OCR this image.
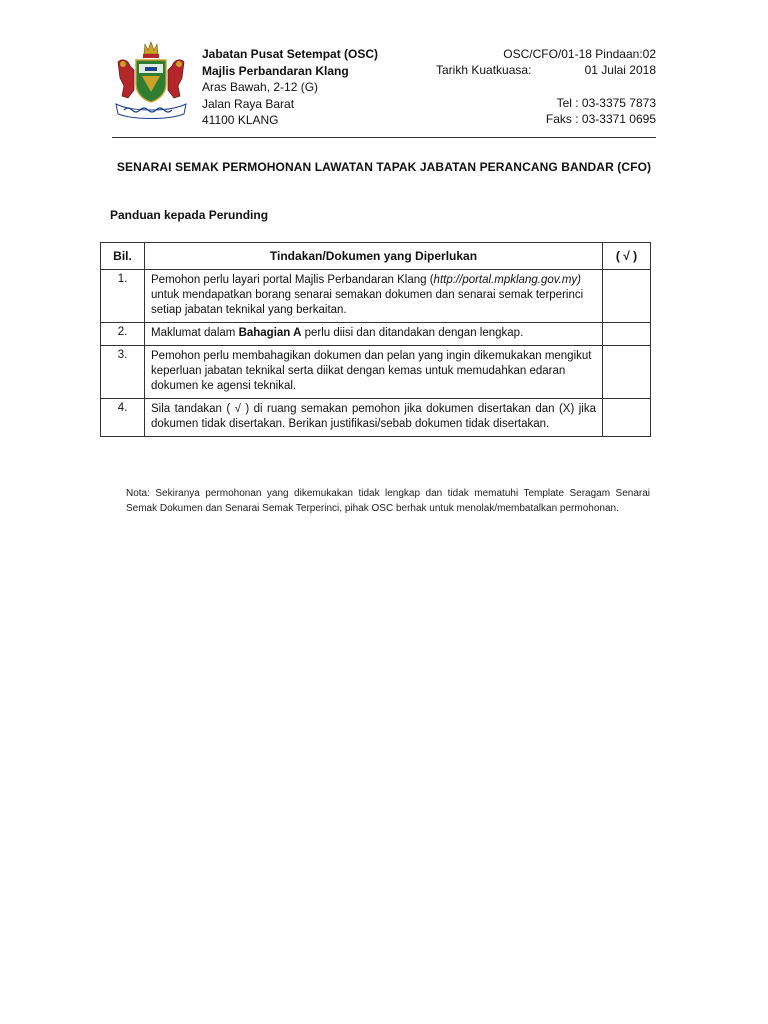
Jabatan Pusat Setempat (OSC)
Majlis Perbandaran Klang
Aras Bawah, 2-12 (G)
Jalan Raya Barat
41100 KLANG
OSC/CFO/01-18 Pindaan:02
Tarikh Kuatkuasa:	01 Julai 2018
Tel : 03-3375 7873
Faks : 03-3371 0695
SENARAI SEMAK PERMOHONAN LAWATAN TAPAK JABATAN PERANCANG BANDAR (CFO)
Panduan kepada Perunding
Bil.	Tindakan/Dokumen yang Diperlukan	( √ )
1.	Pemohon perlu layari portal Majlis Perbandaran Klang (http://portal.mpklang.gov.my) untuk mendapatkan borang senarai semakan dokumen dan senarai semak terperinci setiap jabatan teknikal yang berkaitan.	
2.	Maklumat dalam Bahagian A perlu diisi dan ditandakan dengan lengkap.	
3.	Pemohon perlu membahagikan dokumen dan pelan yang ingin dikemukakan mengikut keperluan jabatan teknikal serta diikat dengan kemas untuk memudahkan edaran dokumen ke agensi teknikal.	
4.	Sila tandakan ( √ ) di ruang semakan pemohon jika dokumen disertakan dan (X) jika dokumen tidak disertakan. Berikan justifikasi/sebab dokumen tidak disertakan.	
Nota: Sekiranya permohonan yang dikemukakan tidak lengkap dan tidak mematuhi Template Seragam Senarai Semak Dokumen dan Senarai Semak Terperinci, pihak OSC berhak untuk menolak/membatalkan permohonan.
